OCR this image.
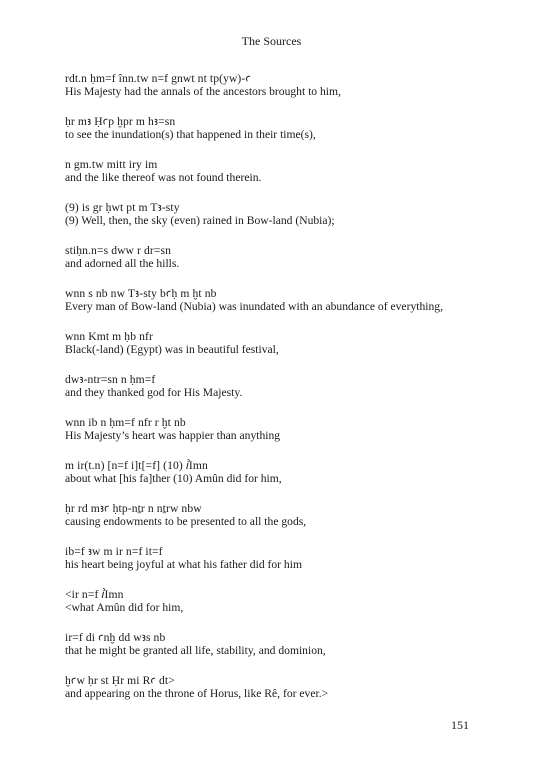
The Sources
rdt.n ḥm=f înn.tw n=f gnwt nt tp(yw)-ꜥ
His Majesty had the annals of the ancestors brought to him,
ḥr mꜣ Ḥꜥp ḫpr m hꜣ=sn
to see the inundation(s) that happened in their time(s),
n gm.tw mitt iry im
and the like thereof was not found therein.
(9) is gr ḥwt pt m Tꜣ-sty
(9) Well, then, the sky (even) rained in Bow-land (Nubia);
stiḥn.n=s dww r dr=sn
and adorned all the hills.
wnn s nb nw Tꜣ-sty bꜥḥ m ḫt nb
Every man of Bow-land (Nubia) was inundated with an abundance of everything,
wnn Kmt m ḥb nfr
Black(-land) (Egypt) was in beautiful festival,
dwꜣ-ntr=sn n ḥm=f
and they thanked god for His Majesty.
wnn ib n ḥm=f nfr r ḫt nb
His Majesty’s heart was happier than anything
m ir(t.n) [n=f i]t[=f] (10) ꞽImn
about what [his fa]ther (10) Amûn did for him,
ḥr rd mꜣꜥ ḥtp-nṯr n nṯrw nbw
causing endowments to be presented to all the gods,
ib=f ꜣw m ir n=f it=f
his heart being joyful at what his father did for him
<ir n=f ꞽImn
<what Amûn did for him,
ir=f di ꜥnḫ dd wꜣs nb
that he might be granted all life, stability, and dominion,
ḫꜥw ḥr st Ḥr mi Rꜥ dt>
and appearing on the throne of Horus, like Rê, for ever.>
151
